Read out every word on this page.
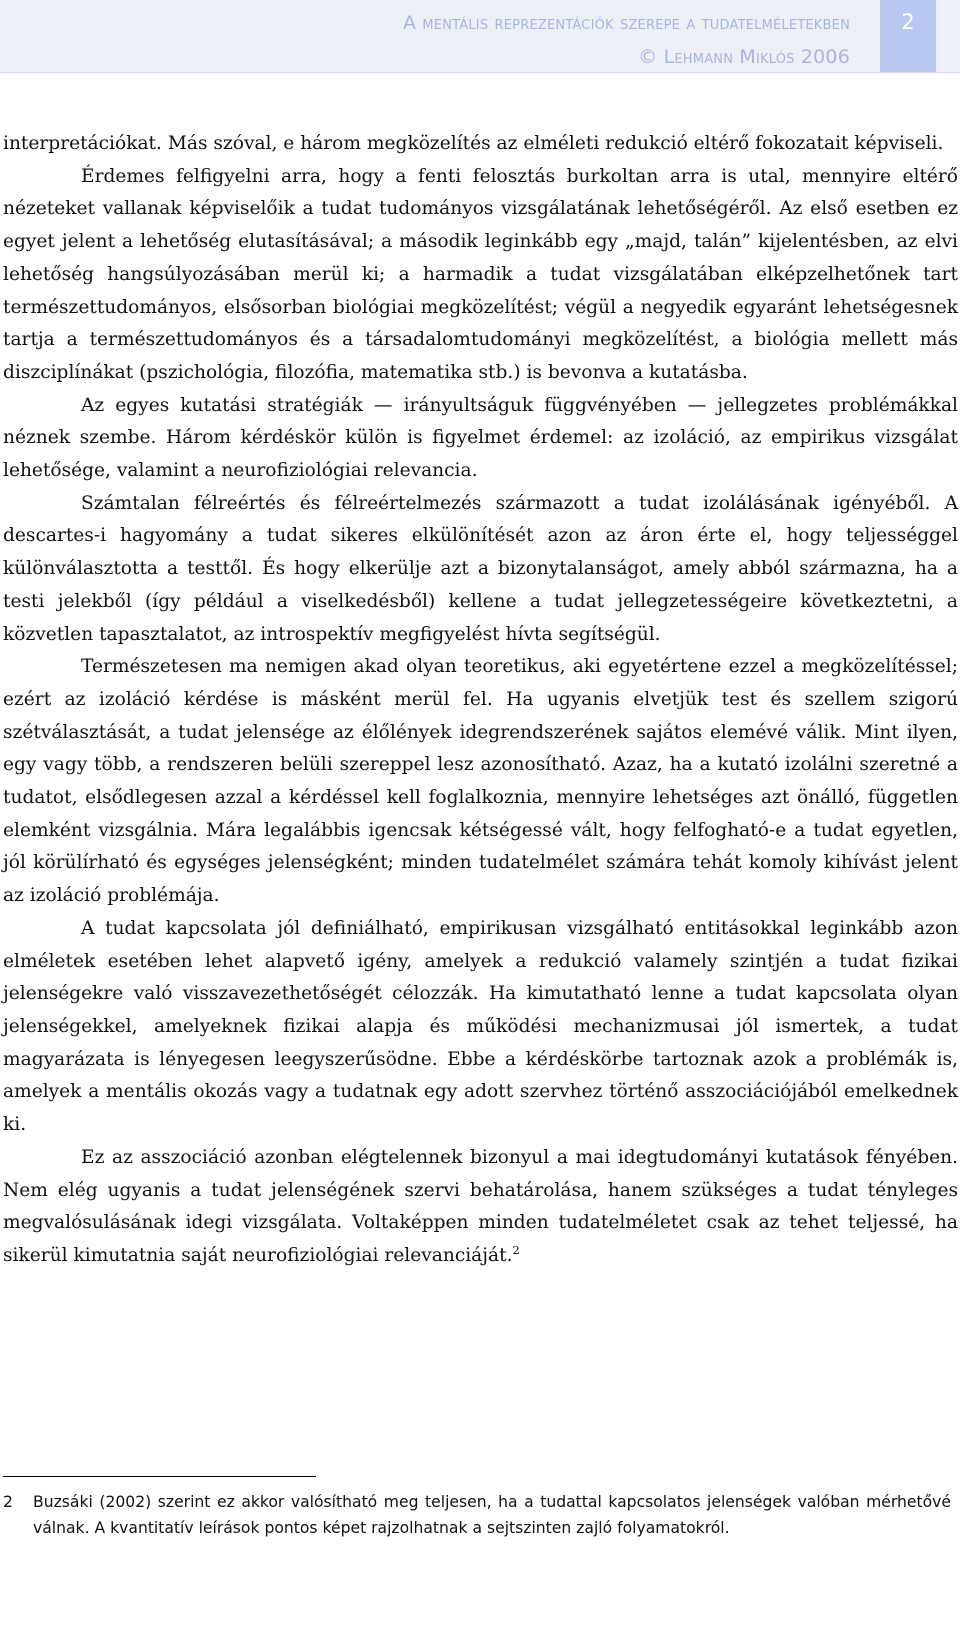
A mentális reprezentációk szerepe a tudatelméletekben
© Lehmann Miklós 2006
2

interpretációkat. Más szóval, e három megközelítés az elméleti redukció eltérő fokozatait képviseli.

Érdemes felfigyelni arra, hogy a fenti felosztás burkoltan arra is utal, mennyire eltérő nézeteket vallanak képviselőik a tudat tudományos vizsgálatának lehetőségéről. Az első esetben ez egyet jelent a lehetőség elutasításával; a második leginkább egy „majd, talán” kijelentésben, az elvi lehetőség hangsúlyozásában merül ki; a harmadik a tudat vizsgálatában elképzelhetőnek tart természettudományos, elsősorban biológiai megközelítést; végül a negyedik egyaránt lehetségesnek tartja a természettudományos és a társadalomtudományi megközelítést, a biológia mellett más diszciplínákat (pszichológia, filozófia, matematika stb.) is bevonva a kutatásba.

Az egyes kutatási stratégiák — irányultságuk függvényében — jellegzetes problémákkal néznek szembe. Három kérdéskör külön is figyelmet érdemel: az izoláció, az empirikus vizsgálat lehetősége, valamint a neurofiziológiai relevancia.

Számtalan félreértés és félreértelmezés származott a tudat izolálásának igényéből. A descartes-i hagyomány a tudat sikeres elkülönítését azon az áron érte el, hogy teljességgel különválasztotta a testtől. És hogy elkerülje azt a bizonytalanságot, amely abból származna, ha a testi jelekből (így például a viselkedésből) kellene a tudat jellegzetességeire következtetni, a közvetlen tapasztalatot, az introspektív megfigyelést hívta segítségül.

Természetesen ma nemigen akad olyan teoretikus, aki egyetértene ezzel a megközelítéssel; ezért az izoláció kérdése is másként merül fel. Ha ugyanis elvetjük test és szellem szigorú szétválasztását, a tudat jelensége az élőlények idegrendszerének sajátos elemévé válik. Mint ilyen, egy vagy több, a rendszeren belüli szereppel lesz azonosítható. Azaz, ha a kutató izolálni szeretné a tudatot, elsődlegesen azzal a kérdéssel kell foglalkoznia, mennyire lehetséges azt önálló, független elemként vizsgálnia. Mára legalábbis igencsak kétségessé vált, hogy felfogható-e a tudat egyetlen, jól körülírható és egységes jelenségként; minden tudatelmélet számára tehát komoly kihívást jelent az izoláció problémája.

A tudat kapcsolata jól definiálható, empirikusan vizsgálható entitásokkal leginkább azon elméletek esetében lehet alapvető igény, amelyek a redukció valamely szintjén a tudat fizikai jelenségekre való visszavezethetőségét célozzák. Ha kimutatható lenne a tudat kapcsolata olyan jelenségekkel, amelyeknek fizikai alapja és működési mechanizmusai jól ismertek, a tudat magyarázata is lényegesen leegyszerűsödne. Ebbe a kérdéskörbe tartoznak azok a problémák is, amelyek a mentális okozás vagy a tudatnak egy adott szervhez történő asszociációjából emelkednek ki.

Ez az asszociáció azonban elégtelennek bizonyul a mai idegtudományi kutatások fényében. Nem elég ugyanis a tudat jelenségének szervi behatárolása, hanem szükséges a tudat tényleges megvalósulásának idegi vizsgálata. Voltaképpen minden tudatelméletet csak az tehet teljessé, ha sikerül kimutatnia saját neurofiziológiai relevanciáját.$^2$

2 Buzsáki (2002) szerint ez akkor valósítható meg teljesen, ha a tudattal kapcsolatos jelenségek valóban mérhetővé válnak. A kvantitatív leírások pontos képet rajzolhatnak a sejtszinten zajló folyamatokról.
